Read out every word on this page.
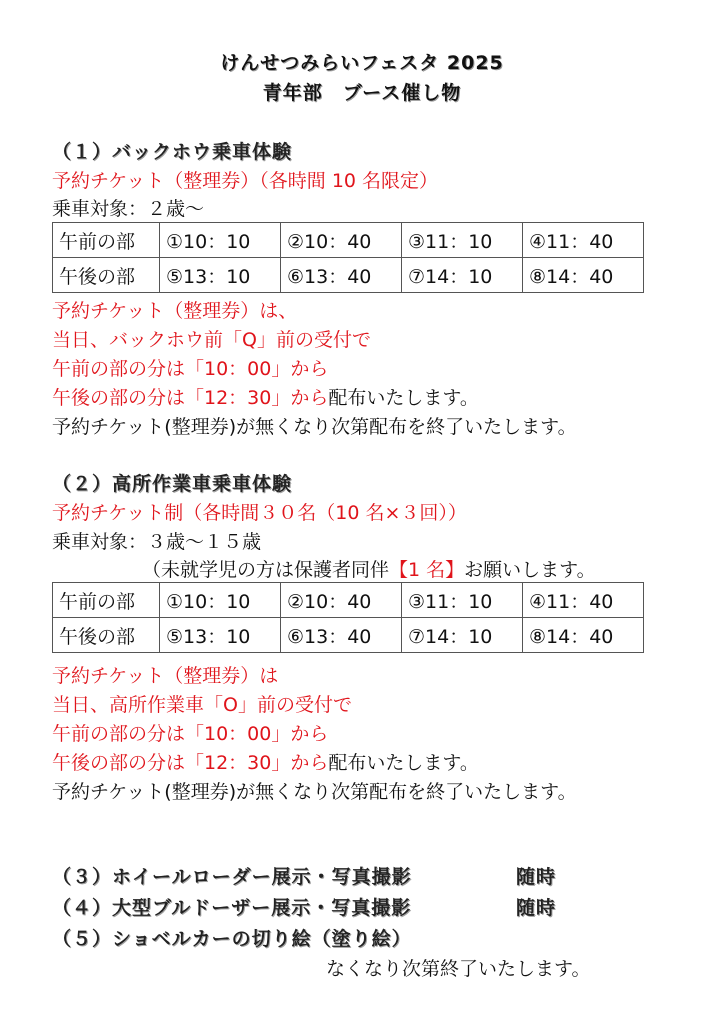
けんせつみらいフェスタ 2025
青年部　ブース催し物
（１）バックホウ乗車体験
予約チケット（整理券）（各時間 10 名限定）
乗車対象：２歳～
午前の部	①10：10	②10：40	③11：10	④11：40
午後の部	⑤13：10	⑥13：40	⑦14：10	⑧14：40
予約チケット（整理券）は、
当日、バックホウ前「Q」前の受付で
午前の部の分は「10：00」から
午後の部の分は「12：30」から配布いたします。
予約チケット(整理券)が無くなり次第配布を終了いたします。
（２）高所作業車乗車体験
予約チケット制（各時間３０名（10 名×３回））
乗車対象：３歳～１５歳
（未就学児の方は保護者同伴【1 名】お願いします。
午前の部	①10：10	②10：40	③11：10	④11：40
午後の部	⑤13：10	⑥13：40	⑦14：10	⑧14：40
予約チケット（整理券）は
当日、高所作業車「O」前の受付で
午前の部の分は「10：00」から
午後の部の分は「12：30」から配布いたします。
予約チケット(整理券)が無くなり次第配布を終了いたします。
（３）ホイールローダー展示・写真撮影	随時
（４）大型ブルドーザー展示・写真撮影	随時
（５）ショベルカーの切り絵（塗り絵）
なくなり次第終了いたします。
